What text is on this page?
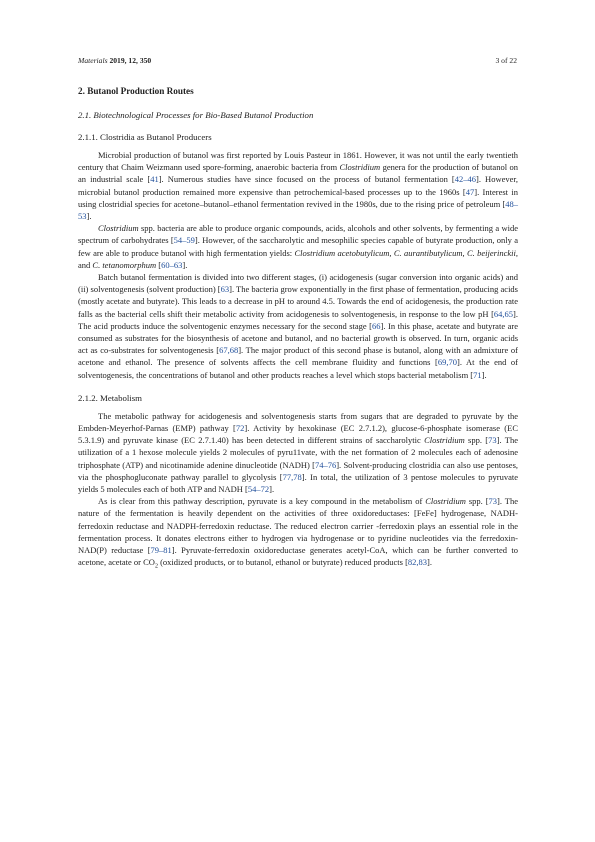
Materials 2019, 12, 350	3 of 22
2. Butanol Production Routes
2.1. Biotechnological Processes for Bio-Based Butanol Production
2.1.1. Clostridia as Butanol Producers

Microbial production of butanol was first reported by Louis Pasteur in 1861. However, it was not until the early twentieth century that Chaim Weizmann used spore-forming, anaerobic bacteria from Clostridium genera for the production of butanol on an industrial scale [41]. Numerous studies have since focused on the process of butanol fermentation [42–46]. However, microbial butanol production remained more expensive than petrochemical-based processes up to the 1960s [47]. Interest in using clostridial species for acetone–butanol–ethanol fermentation revived in the 1980s, due to the rising price of petroleum [48–53].

Clostridium spp. bacteria are able to produce organic compounds, acids, alcohols and other solvents, by fermenting a wide spectrum of carbohydrates [54–59]. However, of the saccharolytic and mesophilic species capable of butyrate production, only a few are able to produce butanol with high fermentation yields: Clostridium acetobutylicum, C. aurantibutylicum, C. beijerinckii, and C. tetanomorphum [60–63].

Batch butanol fermentation is divided into two different stages, (i) acidogenesis (sugar conversion into organic acids) and (ii) solventogenesis (solvent production) [63]. The bacteria grow exponentially in the first phase of fermentation, producing acids (mostly acetate and butyrate). This leads to a decrease in pH to around 4.5. Towards the end of acidogenesis, the production rate falls as the bacterial cells shift their metabolic activity from acidogenesis to solventogenesis, in response to the low pH [64,65]. The acid products induce the solventogenic enzymes necessary for the second stage [66]. In this phase, acetate and butyrate are consumed as substrates for the biosynthesis of acetone and butanol, and no bacterial growth is observed. In turn, organic acids act as co-substrates for solventogenesis [67,68]. The major product of this second phase is butanol, along with an admixture of acetone and ethanol. The presence of solvents affects the cell membrane fluidity and functions [69,70]. At the end of solventogenesis, the concentrations of butanol and other products reaches a level which stops bacterial metabolism [71].

2.1.2. Metabolism

The metabolic pathway for acidogenesis and solventogenesis starts from sugars that are degraded to pyruvate by the Embden-Meyerhof-Parnas (EMP) pathway [72]. Activity by hexokinase (EC 2.7.1.2), glucose-6-phosphate isomerase (EC 5.3.1.9) and pyruvate kinase (EC 2.7.1.40) has been detected in different strains of saccharolytic Clostridium spp. [73]. The utilization of a 1 hexose molecule yields 2 molecules of pyru11vate, with the net formation of 2 molecules each of adenosine triphosphate (ATP) and nicotinamide adenine dinucleotide (NADH) [74–76]. Solvent-producing clostridia can also use pentoses, via the phosphogluconate pathway parallel to glycolysis [77,78]. In total, the utilization of 3 pentose molecules to pyruvate yields 5 molecules each of both ATP and NADH [54–72].

As is clear from this pathway description, pyruvate is a key compound in the metabolism of Clostridium spp. [73]. The nature of the fermentation is heavily dependent on the activities of three oxidoreductases: [FeFe] hydrogenase, NADH-ferredoxin reductase and NADPH-ferredoxin reductase. The reduced electron carrier -ferredoxin plays an essential role in the fermentation process. It donates electrons either to hydrogen via hydrogenase or to pyridine nucleotides via the ferredoxin-NAD(P) reductase [79–81]. Pyruvate-ferredoxin oxidoreductase generates acetyl-CoA, which can be further converted to acetone, acetate or $CO_2$ (oxidized products, or to butanol, ethanol or butyrate) reduced products [82,83].
